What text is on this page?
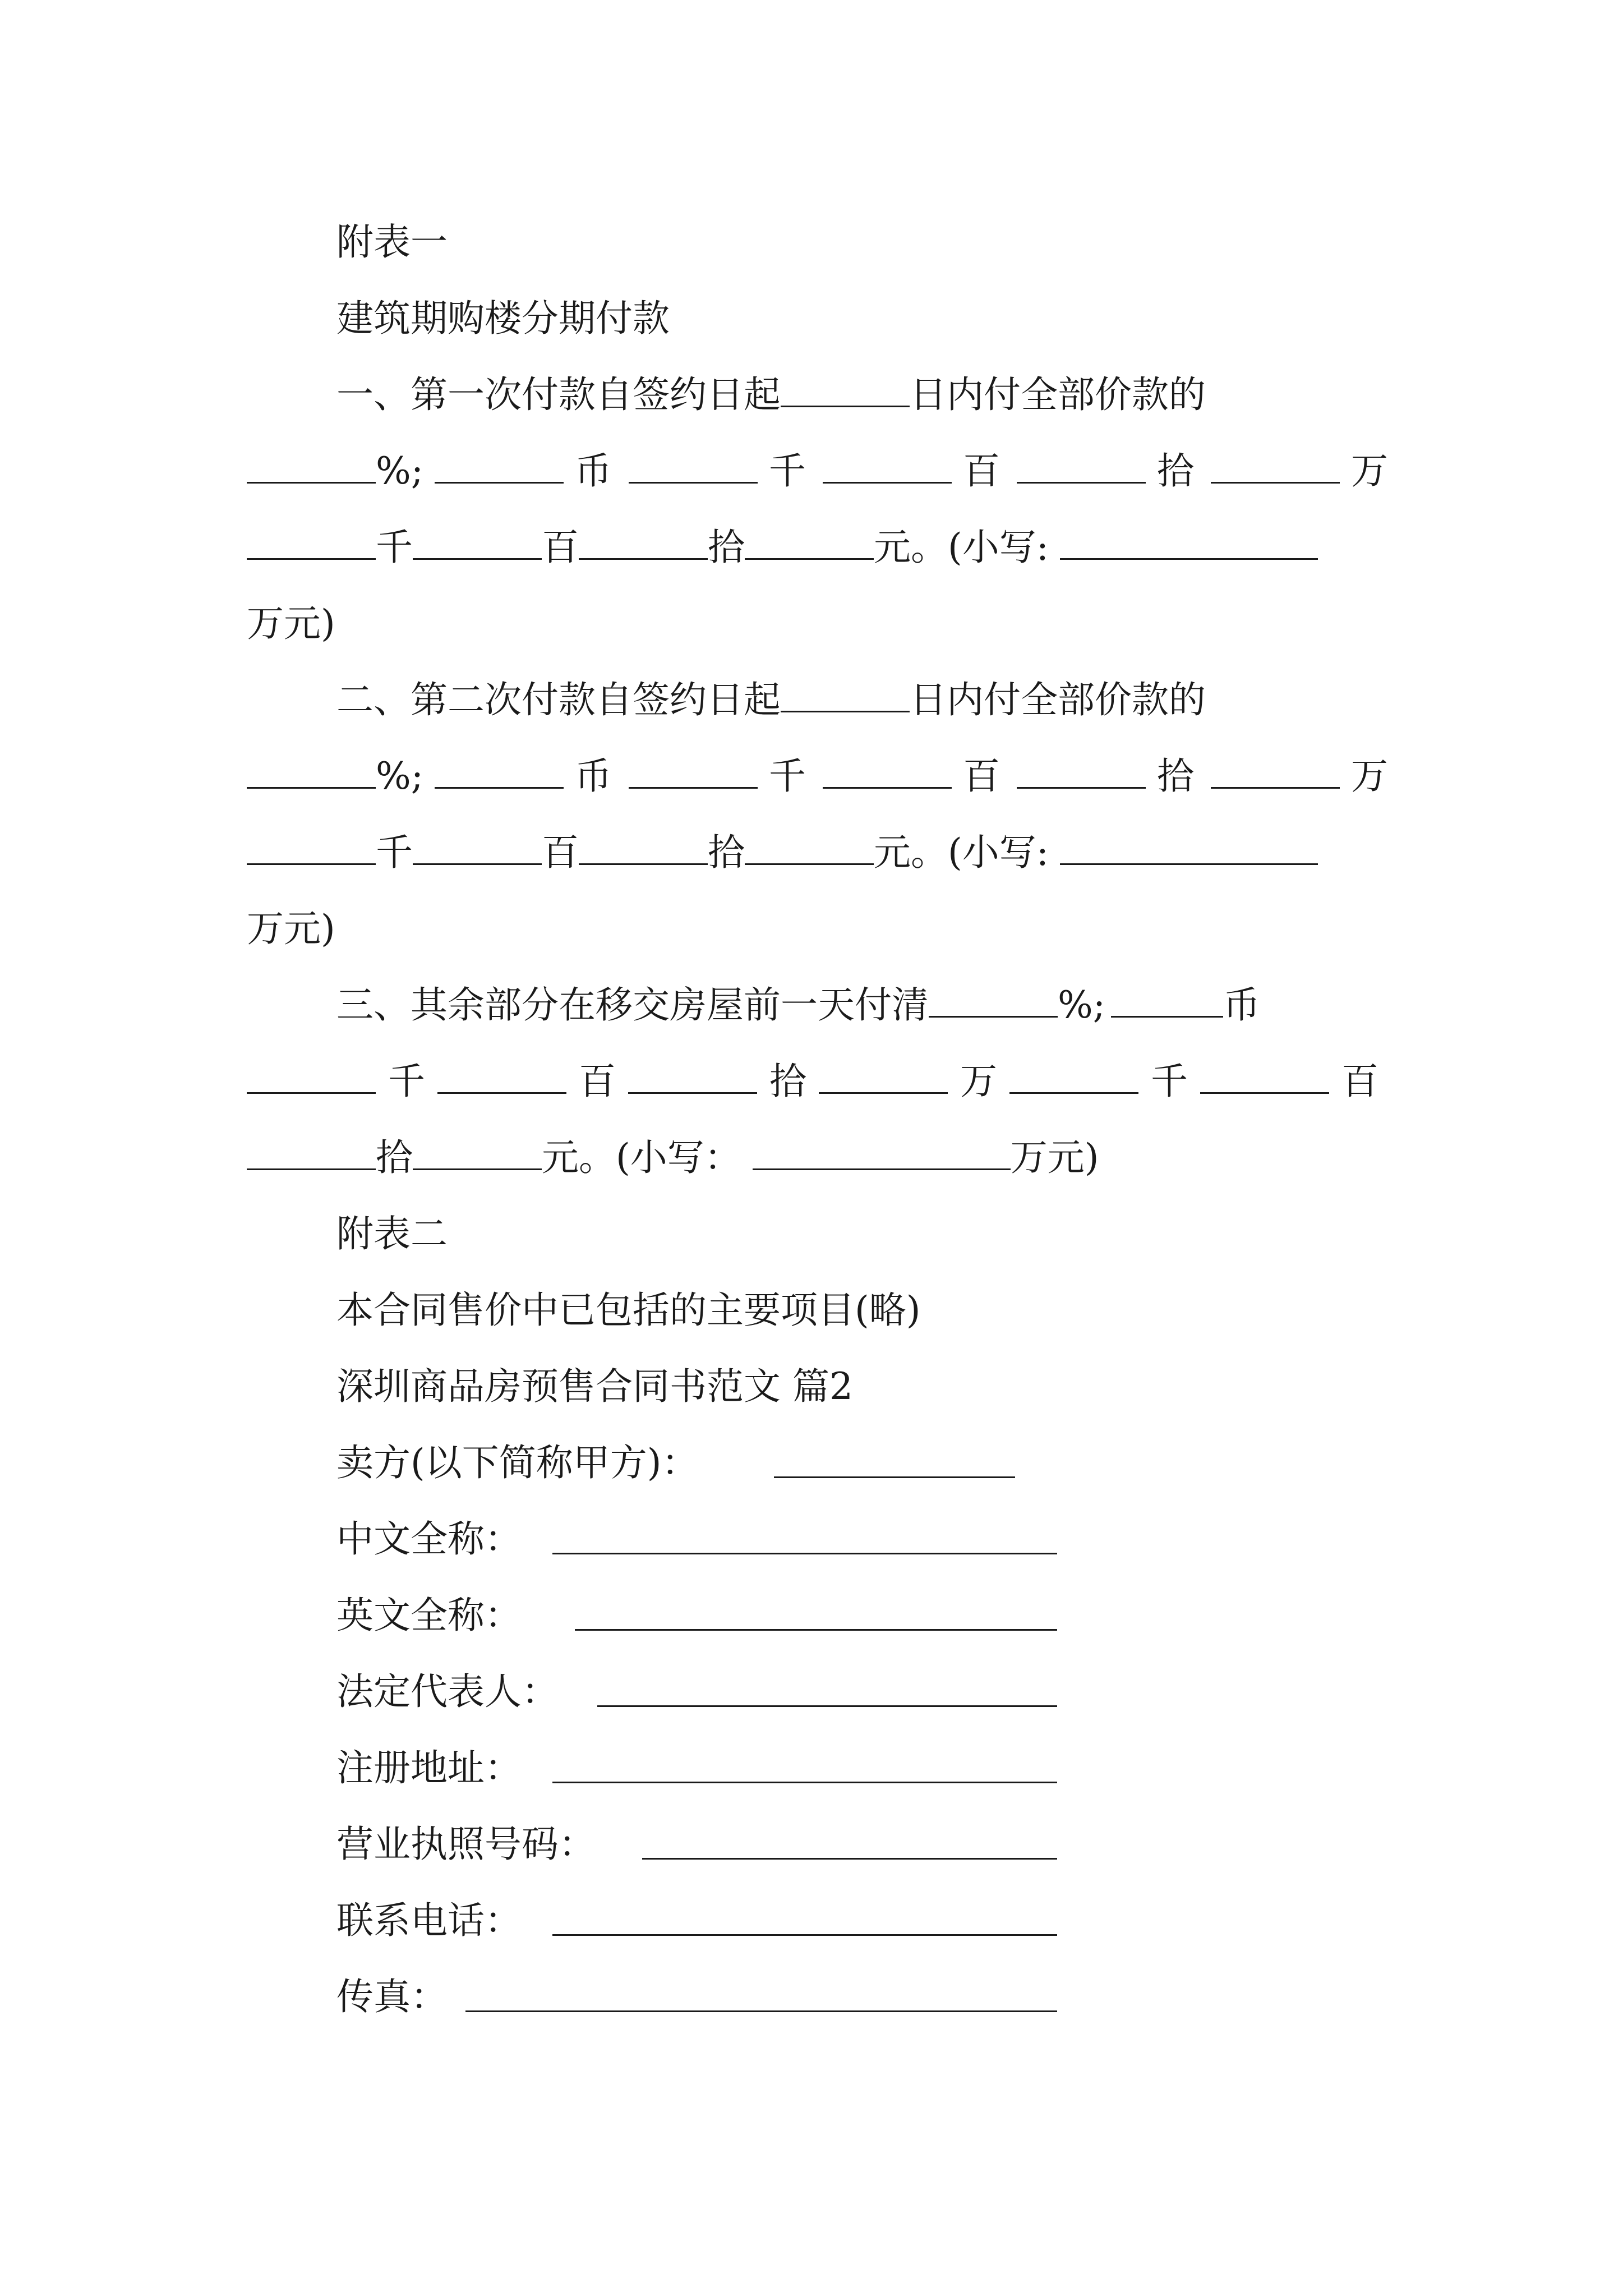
附表一
建筑期购楼分期付款
一、第一次付款自签约日起	日内付全部价款的
%;	币	千	百	拾	万
千	百	拾	元。(小写:
万元)
二、第二次付款自签约日起	日内付全部价款的
%;	币	千	百	拾	万
千	百	拾	元。(小写:
万元)
三、其余部分在移交房屋前一天付清	%;	币
千	百	拾	万	千	百
拾	元。(小写：	万元)
附表二
本合同售价中已包括的主要项目(略)
深圳商品房预售合同书范文 篇2
卖方(以下简称甲方)：
中文全称：
英文全称：
法定代表人：
注册地址：
营业执照号码：
联系电话：
传真：
